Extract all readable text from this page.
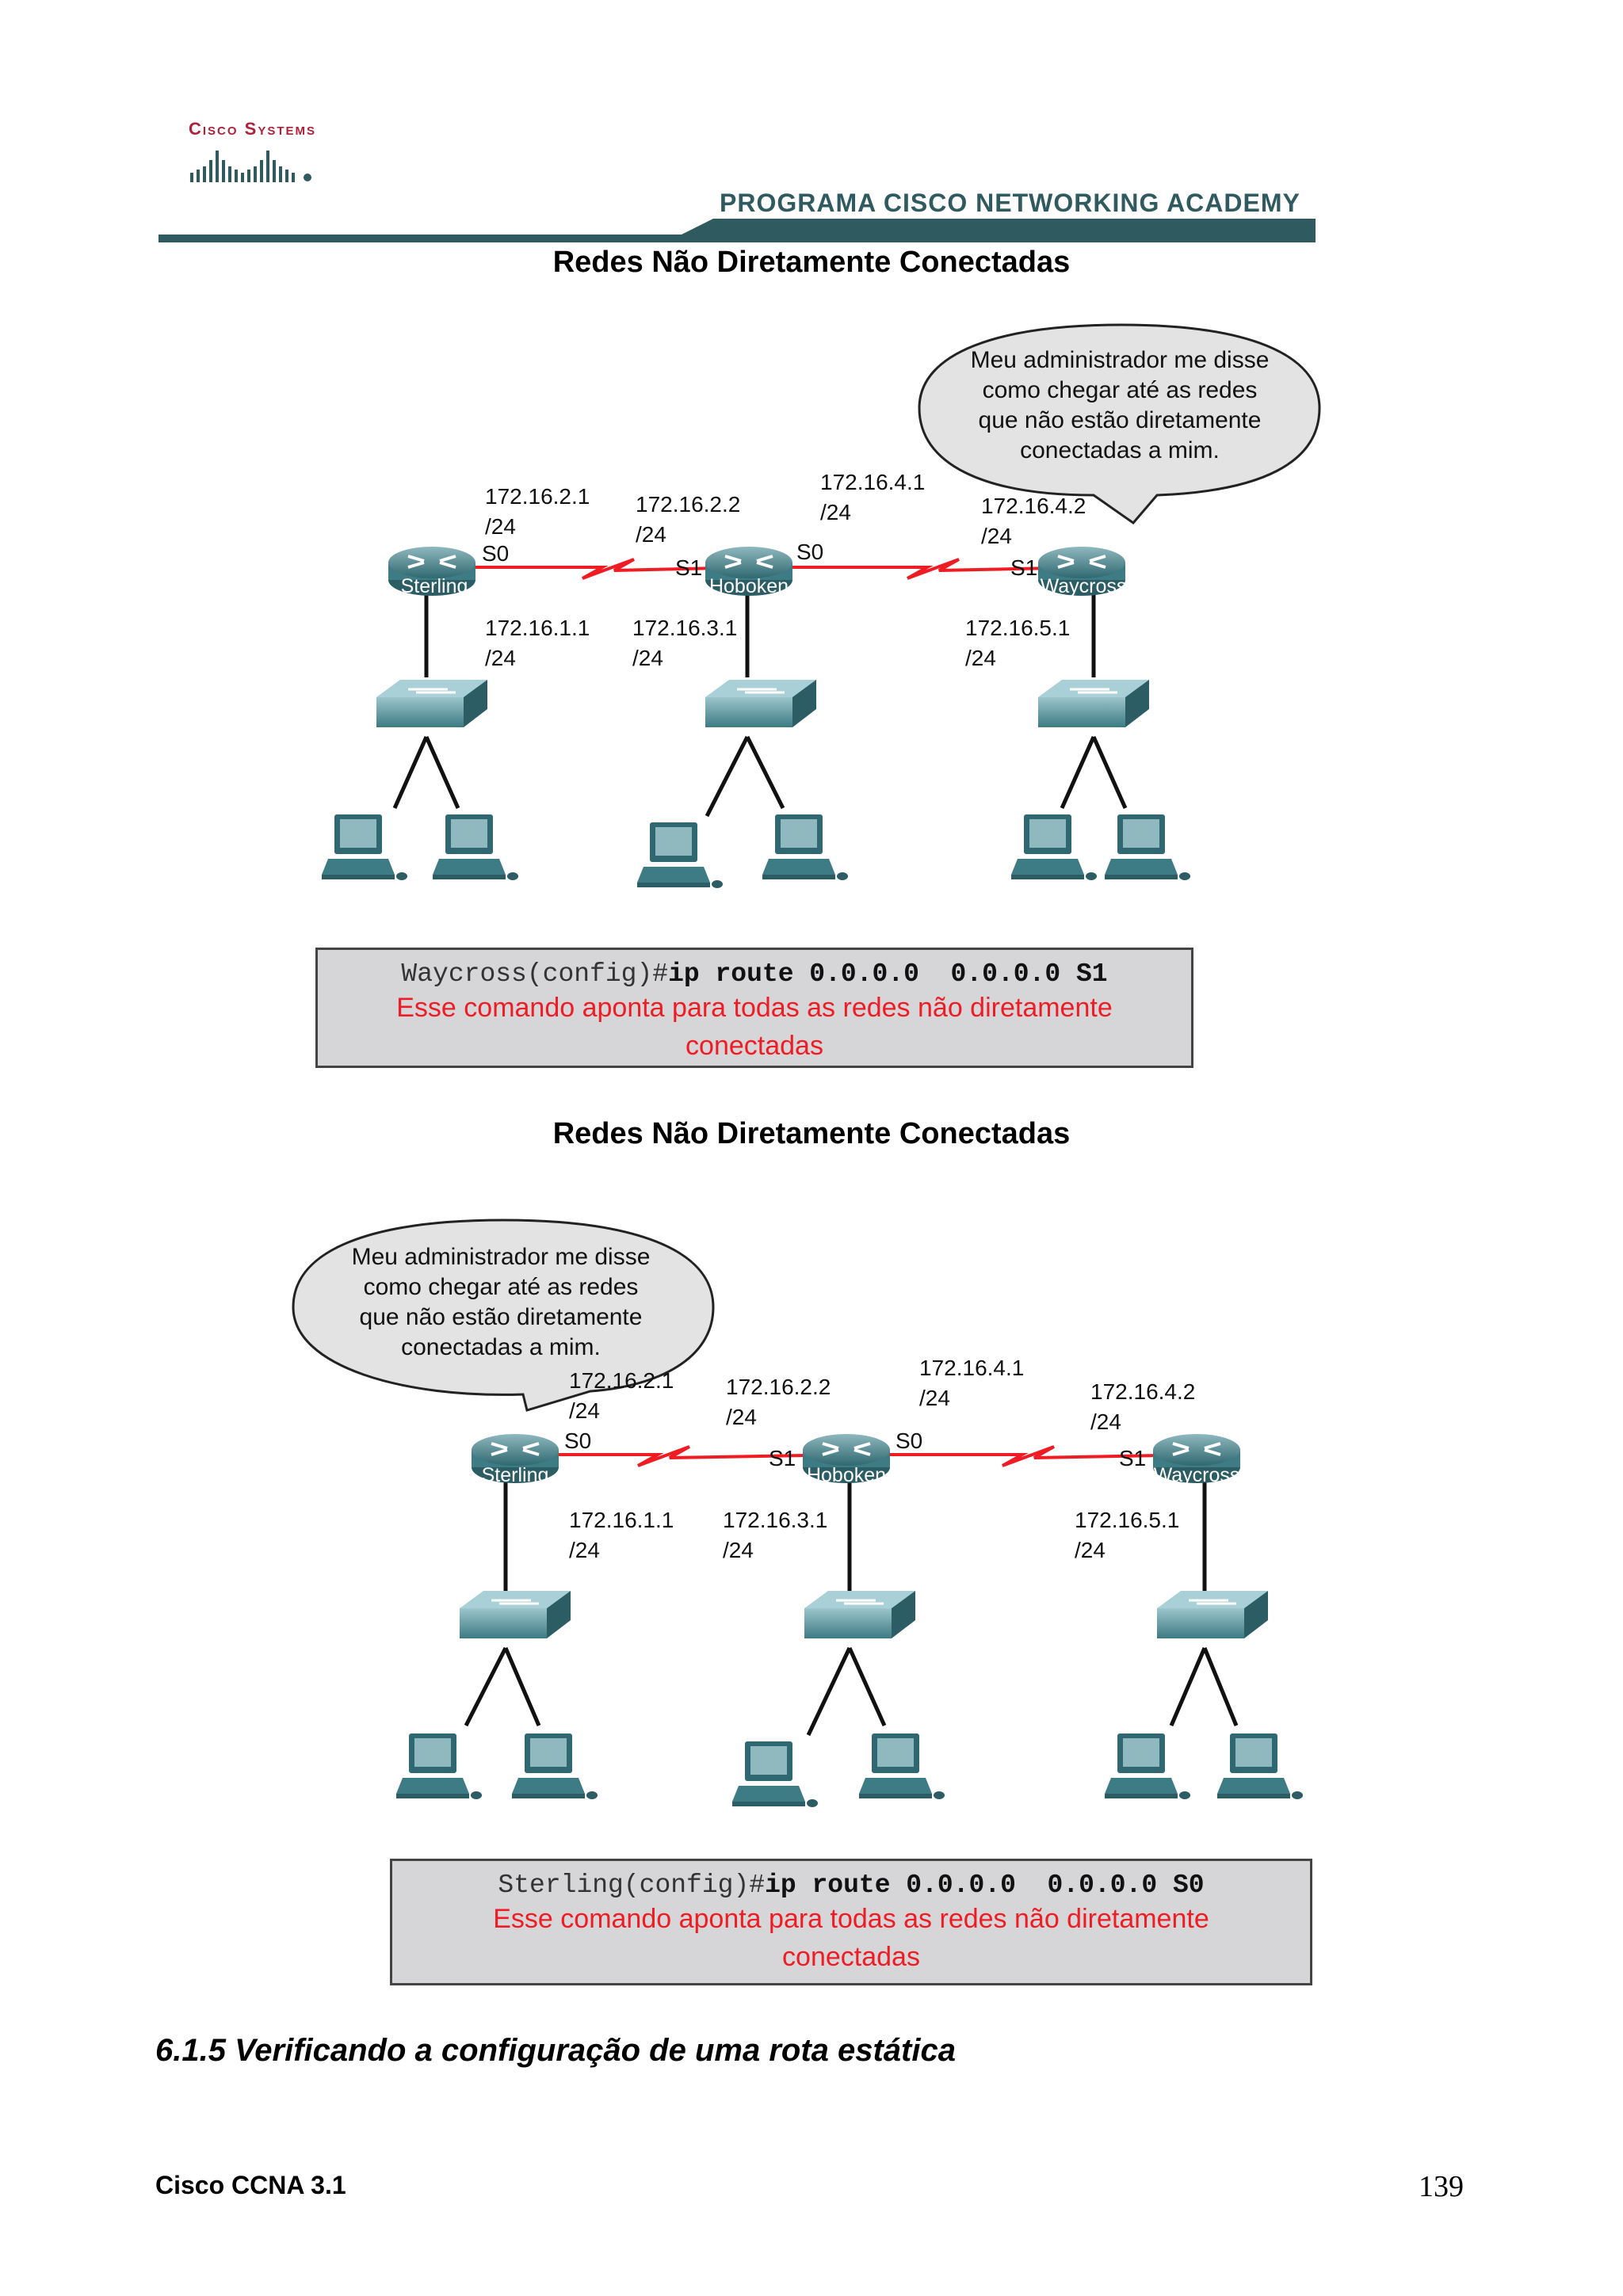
Cisco Systems
PROGRAMA CISCO NETWORKING ACADEMY
Redes Não Diretamente Conectadas
Meu administrador me disse
como chegar até as redes
que não estão diretamente
conectadas a mim.
Sterling	Hoboken	Waycross
172.16.2.1
/24
S0
172.16.2.2
/24
S1
S0
172.16.4.1
/24	172.16.4.2
/24
S1
172.16.1.1
/24
172.16.3.1
/24
172.16.5.1
/24
Waycross(config)#ip route 0.0.0.0  0.0.0.0 S1
Esse comando aponta para todas as redes não diretamente
conectadas
Redes Não Diretamente Conectadas
Meu administrador me disse
como chegar até as redes
que não estão diretamente
conectadas a mim.
Sterling	Hoboken	Waycross
172.16.2.1
/24
S0
172.16.2.2
/24
S1
S0
172.16.4.1
/24	172.16.4.2
/24
S1
172.16.1.1
/24
172.16.3.1
/24
172.16.5.1
/24
Sterling(config)#ip route 0.0.0.0  0.0.0.0 S0
Esse comando aponta para todas as redes não diretamente
conectadas
6.1.5 Verificando a configuração de uma rota estática
Cisco CCNA 3.1	139
